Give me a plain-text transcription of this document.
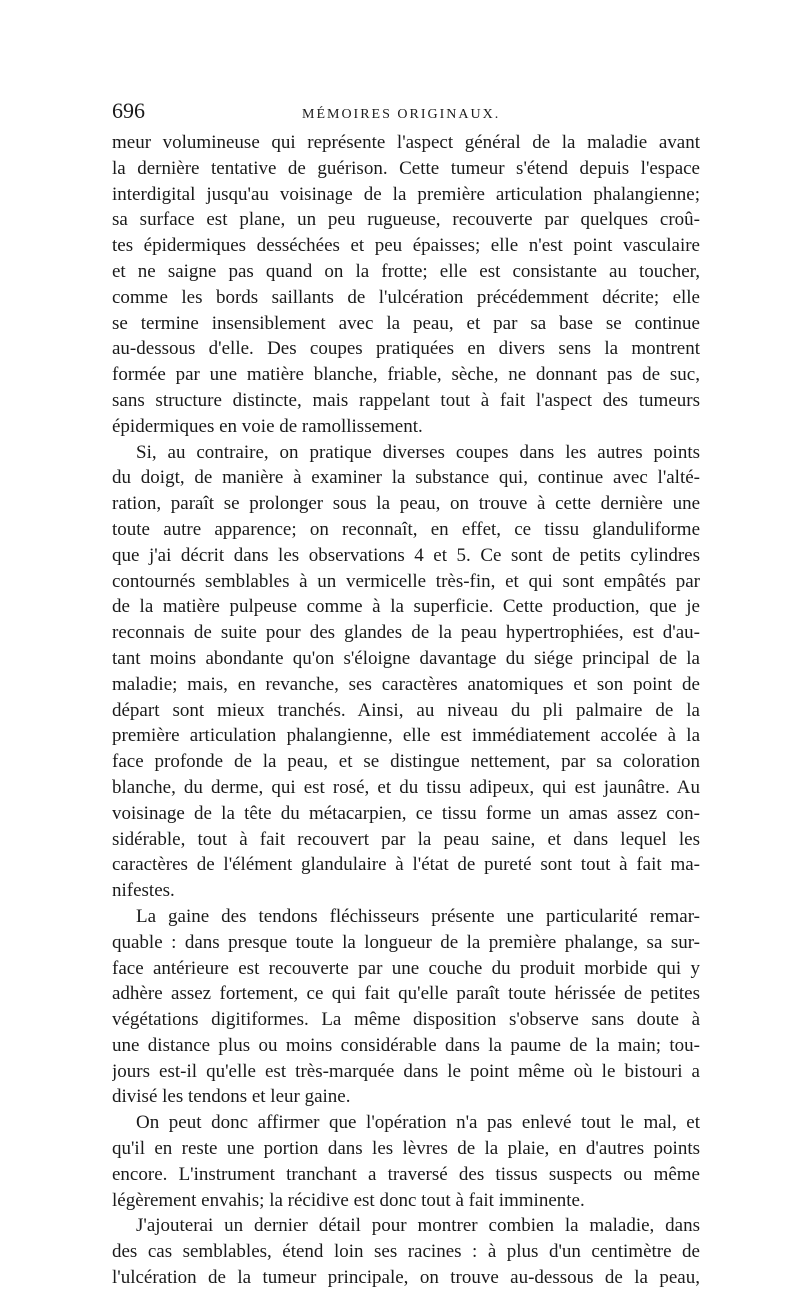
696	MÉMOIRES ORIGINAUX.
meur volumineuse qui représente l'aspect général de la maladie avant
la dernière tentative de guérison. Cette tumeur s'étend depuis l'espace
interdigital jusqu'au voisinage de la première articulation phalangienne;
sa surface est plane, un peu rugueuse, recouverte par quelques croû-
tes épidermiques desséchées et peu épaisses; elle n'est point vasculaire
et ne saigne pas quand on la frotte; elle est consistante au toucher,
comme les bords saillants de l'ulcération précédemment décrite; elle
se termine insensiblement avec la peau, et par sa base se continue
au-dessous d'elle. Des coupes pratiquées en divers sens la montrent
formée par une matière blanche, friable, sèche, ne donnant pas de suc,
sans structure distincte, mais rappelant tout à fait l'aspect des tumeurs
épidermiques en voie de ramollissement.
Si, au contraire, on pratique diverses coupes dans les autres points
du doigt, de manière à examiner la substance qui, continue avec l'alté-
ration, paraît se prolonger sous la peau, on trouve à cette dernière une
toute autre apparence; on reconnaît, en effet, ce tissu glanduliforme
que j'ai décrit dans les observations 4 et 5. Ce sont de petits cylindres
contournés semblables à un vermicelle très-fin, et qui sont empâtés par
de la matière pulpeuse comme à la superficie. Cette production, que je
reconnais de suite pour des glandes de la peau hypertrophiées, est d'au-
tant moins abondante qu'on s'éloigne davantage du siége principal de la
maladie; mais, en revanche, ses caractères anatomiques et son point de
départ sont mieux tranchés. Ainsi, au niveau du pli palmaire de la
première articulation phalangienne, elle est immédiatement accolée à la
face profonde de la peau, et se distingue nettement, par sa coloration
blanche, du derme, qui est rosé, et du tissu adipeux, qui est jaunâtre. Au
voisinage de la tête du métacarpien, ce tissu forme un amas assez con-
sidérable, tout à fait recouvert par la peau saine, et dans lequel les
caractères de l'élément glandulaire à l'état de pureté sont tout à fait ma-
nifestes.
La gaine des tendons fléchisseurs présente une particularité remar-
quable : dans presque toute la longueur de la première phalange, sa sur-
face antérieure est recouverte par une couche du produit morbide qui y
adhère assez fortement, ce qui fait qu'elle paraît toute hérissée de petites
végétations digitiformes. La même disposition s'observe sans doute à
une distance plus ou moins considérable dans la paume de la main; tou-
jours est-il qu'elle est très-marquée dans le point même où le bistouri a
divisé les tendons et leur gaine.
On peut donc affirmer que l'opération n'a pas enlevé tout le mal, et
qu'il en reste une portion dans les lèvres de la plaie, en d'autres points
encore. L'instrument tranchant a traversé des tissus suspects ou même
légèrement envahis; la récidive est donc tout à fait imminente.
J'ajouterai un dernier détail pour montrer combien la maladie, dans
des cas semblables, étend loin ses racines : à plus d'un centimètre de
l'ulcération de la tumeur principale, on trouve au-dessous de la peau,
